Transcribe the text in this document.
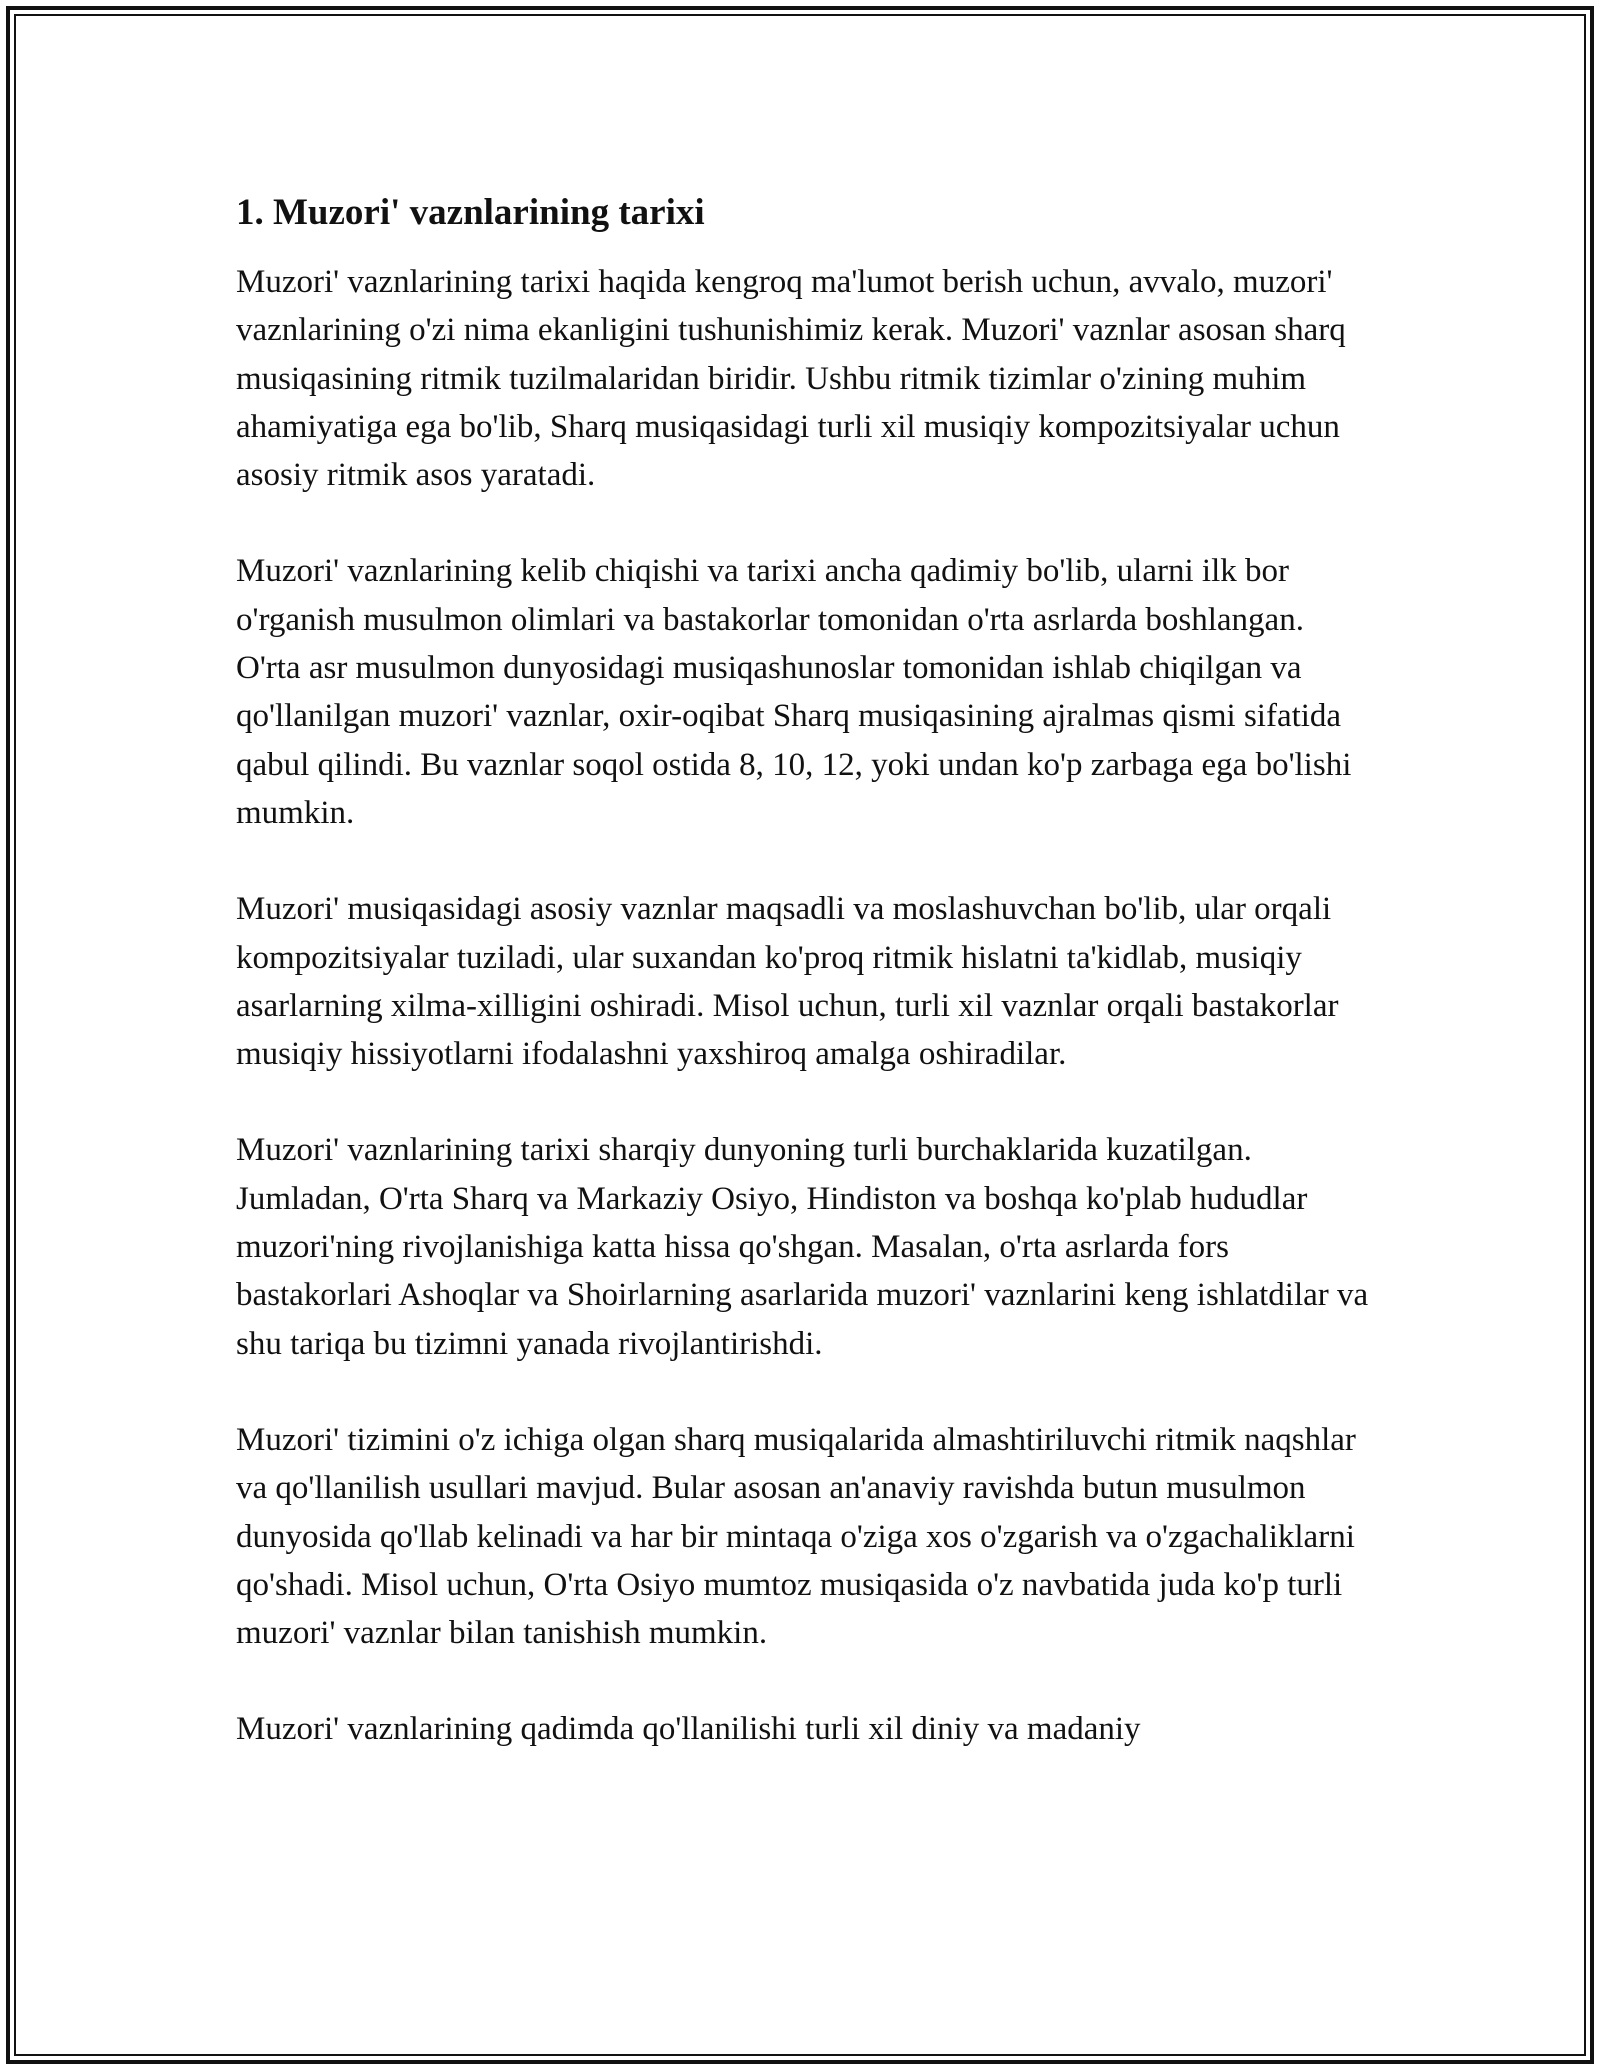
1. Muzori' vaznlarining tarixi

Muzori' vaznlarining tarixi haqida kengroq ma'lumot berish uchun, avvalo, muzori' vaznlarining o'zi nima ekanligini tushunishimiz kerak. Muzori' vaznlar asosan sharq musiqasining ritmik tuzilmalaridan biridir. Ushbu ritmik tizimlar o'zining muhim ahamiyatiga ega bo'lib, Sharq musiqasidagi turli xil musiqiy kompozitsiyalar uchun asosiy ritmik asos yaratadi.

Muzori' vaznlarining kelib chiqishi va tarixi ancha qadimiy bo'lib, ularni ilk bor o'rganish musulmon olimlari va bastakorlar tomonidan o'rta asrlarda boshlangan. O'rta asr musulmon dunyosidagi musiqashunoslar tomonidan ishlab chiqilgan va qo'llanilgan muzori' vaznlar, oxir-oqibat Sharq musiqasining ajralmas qismi sifatida qabul qilindi. Bu vaznlar soqol ostida 8, 10, 12, yoki undan ko'p zarbaga ega bo'lishi mumkin.

Muzori' musiqasidagi asosiy vaznlar maqsadli va moslashuvchan bo'lib, ular orqali kompozitsiyalar tuziladi, ular suxandan ko'proq ritmik hislatni ta'kidlab, musiqiy asarlarning xilma-xilligini oshiradi. Misol uchun, turli xil vaznlar orqali bastakorlar musiqiy hissiyotlarni ifodalashni yaxshiroq amalga oshiradilar.

Muzori' vaznlarining tarixi sharqiy dunyoning turli burchaklarida kuzatilgan. Jumladan, O'rta Sharq va Markaziy Osiyo, Hindiston va boshqa ko'plab hududlar muzori'ning rivojlanishiga katta hissa qo'shgan. Masalan, o'rta asrlarda fors bastakorlari Ashoqlar va Shoirlarning asarlarida muzori' vaznlarini keng ishlatdilar va shu tariqa bu tizimni yanada rivojlantirishdi.

Muzori' tizimini o'z ichiga olgan sharq musiqalarida almashtiriluvchi ritmik naqshlar va qo'llanilish usullari mavjud. Bular asosan an'anaviy ravishda butun musulmon dunyosida qo'llab kelinadi va har bir mintaqa o'ziga xos o'zgarish va o'zgachaliklarni qo'shadi. Misol uchun, O'rta Osiyo mumtoz musiqasida o'z navbatida juda ko'p turli muzori' vaznlar bilan tanishish mumkin.

Muzori' vaznlarining qadimda qo'llanilishi turli xil diniy va madaniy
